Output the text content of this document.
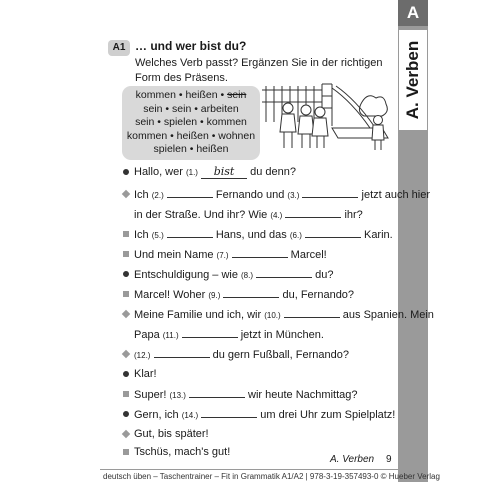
A
A. Verben
A1 … und wer bist du?
Welches Verb passt? Ergänzen Sie in der richtigen Form des Präsens.
kommen • heißen • sein
sein • sein • arbeiten
sein • spielen • kommen
kommen • heißen • wohnen
spielen • heißen
Hallo, wer (1.) bist du denn?
Ich (2.)	Fernando und (3.)	jetzt auch hier
in der Straße. Und ihr? Wie (4.)	ihr?
Ich (5.)	Hans, und das (6.)	Karin.
Und mein Name (7.)	Marcel!
Entschuldigung – wie (8.)	du?
Marcel! Woher (9.)	du, Fernando?
Meine Familie und ich, wir (10.)	aus Spanien. Mein
Papa (11.)	jetzt in München.
(12.)	du gern Fußball, Fernando?
Klar!
Super! (13.)	wir heute Nachmittag?
Gern, ich (14.)	um drei Uhr zum Spielplatz!
Gut, bis später!
Tschüs, mach's gut!
A. Verben 9
deutsch üben – Taschentrainer – Fit in Grammatik A1/A2 | 978-3-19-357493-0 © Hueber Verlag
